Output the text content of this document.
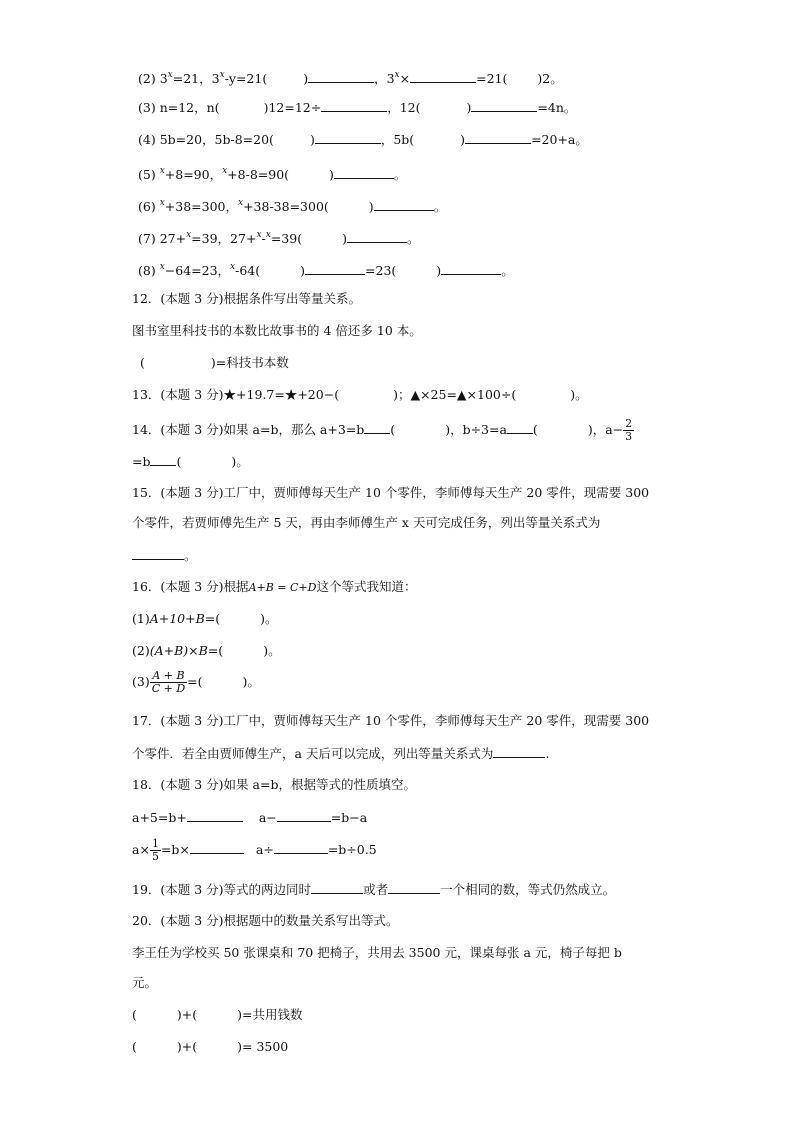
(2) $3^x=21$，$3^x-y=21$(	)	，$3^x\times$	=21( )2。
(3) n=12，n(	)12=12÷	，12(	)	=4n。
(4) 5b=20，5b-8=20(	)	，5b(	)	=20+a。
(5) $^x$+8=90，$^x$+8-8=90(	)	。
(6) $^x$+38=300，$^x$+38-38=300(	)	。
(7) 27+$^x$=39，27+$^x$-$^x$=39(	)	。
(8) $^x$−64=23，$^x$-64(	)	=23(	)	。
12．(本题 3 分)根据条件写出等量关系。
图书室里科技书的本数比故事书的 4 倍还多 10 本。
(	)=科技书本数
13．(本题 3 分)★+19.7=★+20−(	)；▲×25=▲×100÷(	)。
14．(本题 3 分)如果 a=b，那么 a+3=b (	)，b÷3=a (	)，$a- \frac{2}{3}$
=b (	)。
15．(本题 3 分)工厂中，贾师傅每天生产 10 个零件，李师傅每天生产 20 零件，现需要 300
个零件，若贾师傅先生产 5 天，再由李师傅生产 x 天可完成任务，列出等量关系式为
。
16．(本题 3 分)根据A+B = C+D这个等式我知道：
(1)A+10+B=(	)。
(2)(A+B)×B=(	)。
$(3) \frac{A + B}{C + D}$ =(	)。
17．(本题 3 分)工厂中，贾师傅每天生产 10 个零件，李师傅每天生产 20 零件，现需要 300
个零件．若全由贾师傅生产，a 天后可以完成，列出等量关系式为	.
18．(本题 3 分)如果 a=b，根据等式的性质填空。
a+5=b+	a−	=b−a
$a\times \frac{1}{5} =b\times$	a÷	=b÷0.5
19．(本题 3 分)等式的两边同时	或者	一个相同的数，等式仍然成立。
20．(本题 3 分)根据题中的数量关系写出等式。
李王任为学校买 50 张课桌和 70 把椅子，共用去 3500 元，课桌每张 a 元，椅子每把 b
元。
(	)+(	)=共用钱数
(	)+(	)= 3500
